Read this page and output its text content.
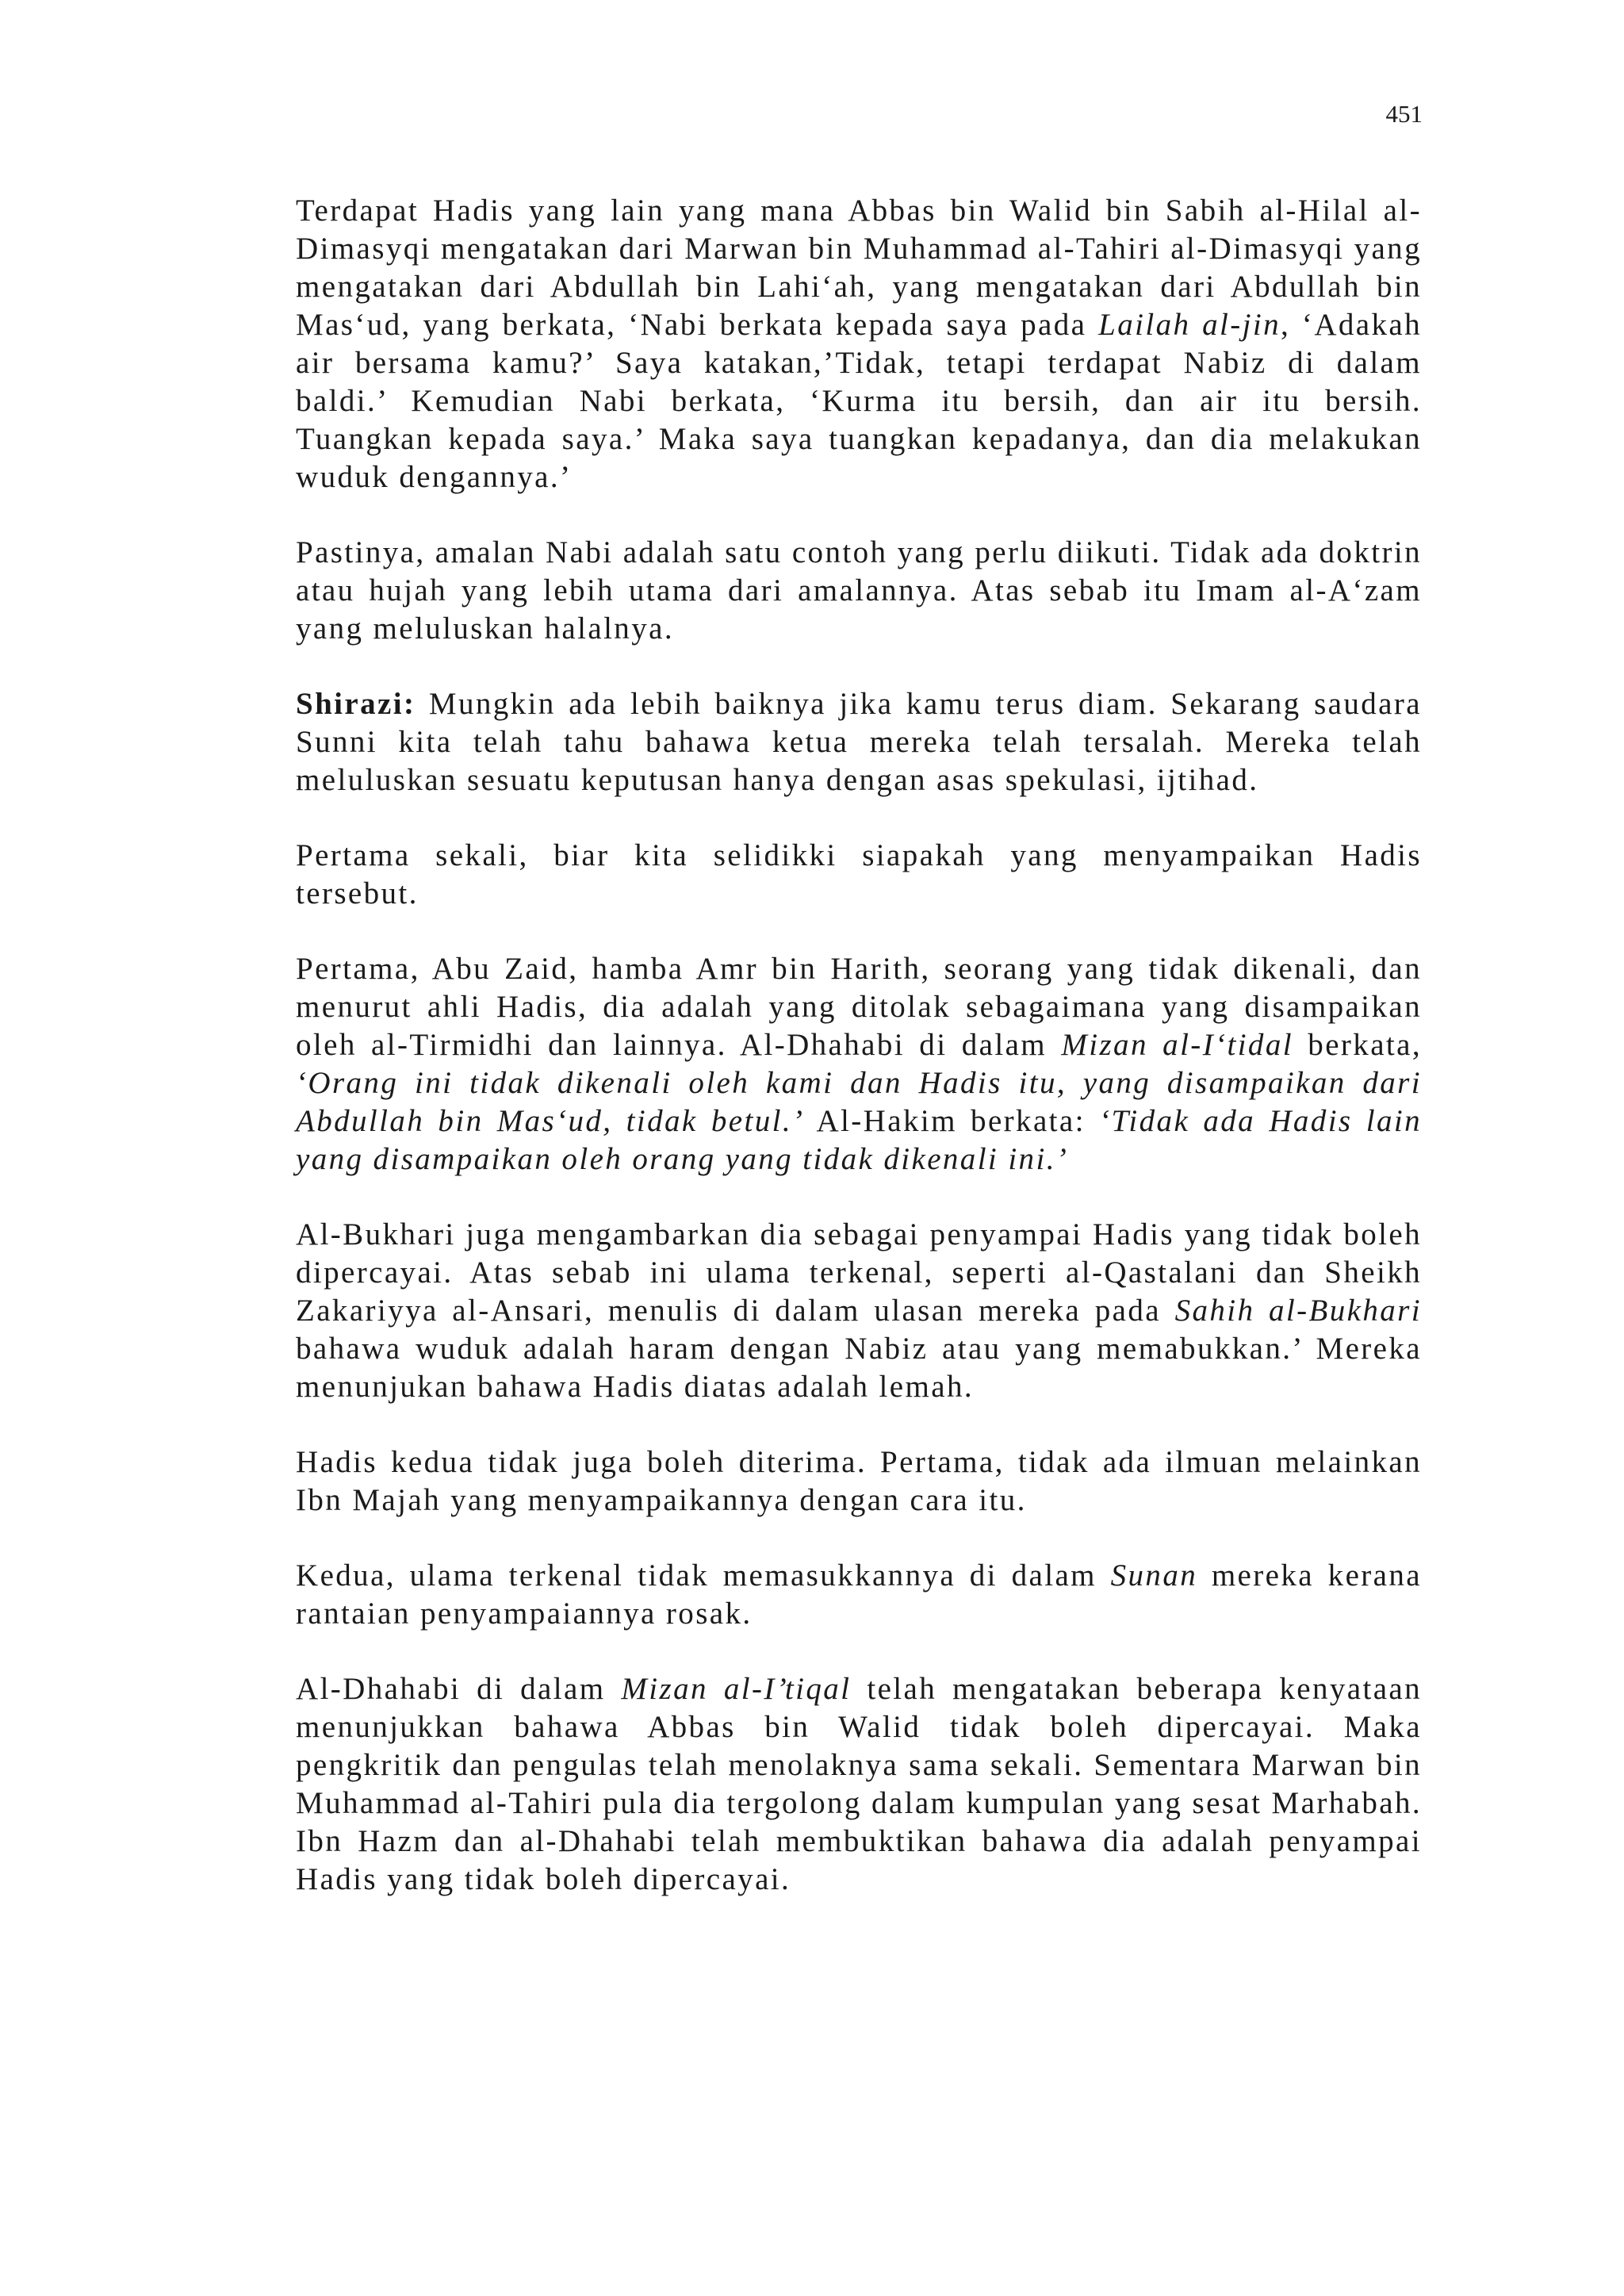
451

Terdapat Hadis yang lain yang mana Abbas bin Walid bin Sabih al-Hilal al-Dimasyqi mengatakan dari Marwan bin Muhammad al-Tahiri al-Dimasyqi yang mengatakan dari Abdullah bin Lahi‘ah, yang mengatakan dari Abdullah bin Mas‘ud, yang berkata, ‘Nabi berkata kepada saya pada Lailah al-jin, ‘Adakah air bersama kamu?’ Saya katakan,’Tidak, tetapi terdapat Nabiz di dalam baldi.’ Kemudian Nabi berkata, ‘Kurma itu bersih, dan air itu bersih. Tuangkan kepada saya.’ Maka saya tuangkan kepadanya, dan dia melakukan wuduk dengannya.’

Pastinya, amalan Nabi adalah satu contoh yang perlu diikuti. Tidak ada doktrin atau hujah yang lebih utama dari amalannya. Atas sebab itu Imam al-A‘zam yang meluluskan halalnya.

Shirazi: Mungkin ada lebih baiknya jika kamu terus diam. Sekarang saudara Sunni kita telah tahu bahawa ketua mereka telah tersalah. Mereka telah meluluskan sesuatu keputusan hanya dengan asas spekulasi, ijtihad.

Pertama sekali, biar kita selidikki siapakah yang menyampaikan Hadis tersebut.

Pertama, Abu Zaid, hamba Amr bin Harith, seorang yang tidak dikenali, dan menurut ahli Hadis, dia adalah yang ditolak sebagaimana yang disampaikan oleh al-Tirmidhi dan lainnya. Al-Dhahabi di dalam Mizan al-I‘tidal berkata, ‘Orang ini tidak dikenali oleh kami dan Hadis itu, yang disampaikan dari Abdullah bin Mas‘ud, tidak betul.’ Al-Hakim berkata: ‘Tidak ada Hadis lain yang disampaikan oleh orang yang tidak dikenali ini.’

Al-Bukhari juga mengambarkan dia sebagai penyampai Hadis yang tidak boleh dipercayai. Atas sebab ini ulama terkenal, seperti al-Qastalani dan Sheikh Zakariyya al-Ansari, menulis di dalam ulasan mereka pada Sahih al-Bukhari bahawa wuduk adalah haram dengan Nabiz atau yang memabukkan.’ Mereka menunjukan bahawa Hadis diatas adalah lemah.

Hadis kedua tidak juga boleh diterima. Pertama, tidak ada ilmuan melainkan Ibn Majah yang menyampaikannya dengan cara itu.

Kedua, ulama terkenal tidak memasukkannya di dalam Sunan mereka kerana rantaian penyampaiannya rosak.

Al-Dhahabi di dalam Mizan al-I’tiqal telah mengatakan beberapa kenyataan menunjukkan bahawa Abbas bin Walid tidak boleh dipercayai. Maka pengkritik dan pengulas telah menolaknya sama sekali. Sementara Marwan bin Muhammad al-Tahiri pula dia tergolong dalam kumpulan yang sesat Marhabah. Ibn Hazm dan al-Dhahabi telah membuktikan bahawa dia adalah penyampai Hadis yang tidak boleh dipercayai.
